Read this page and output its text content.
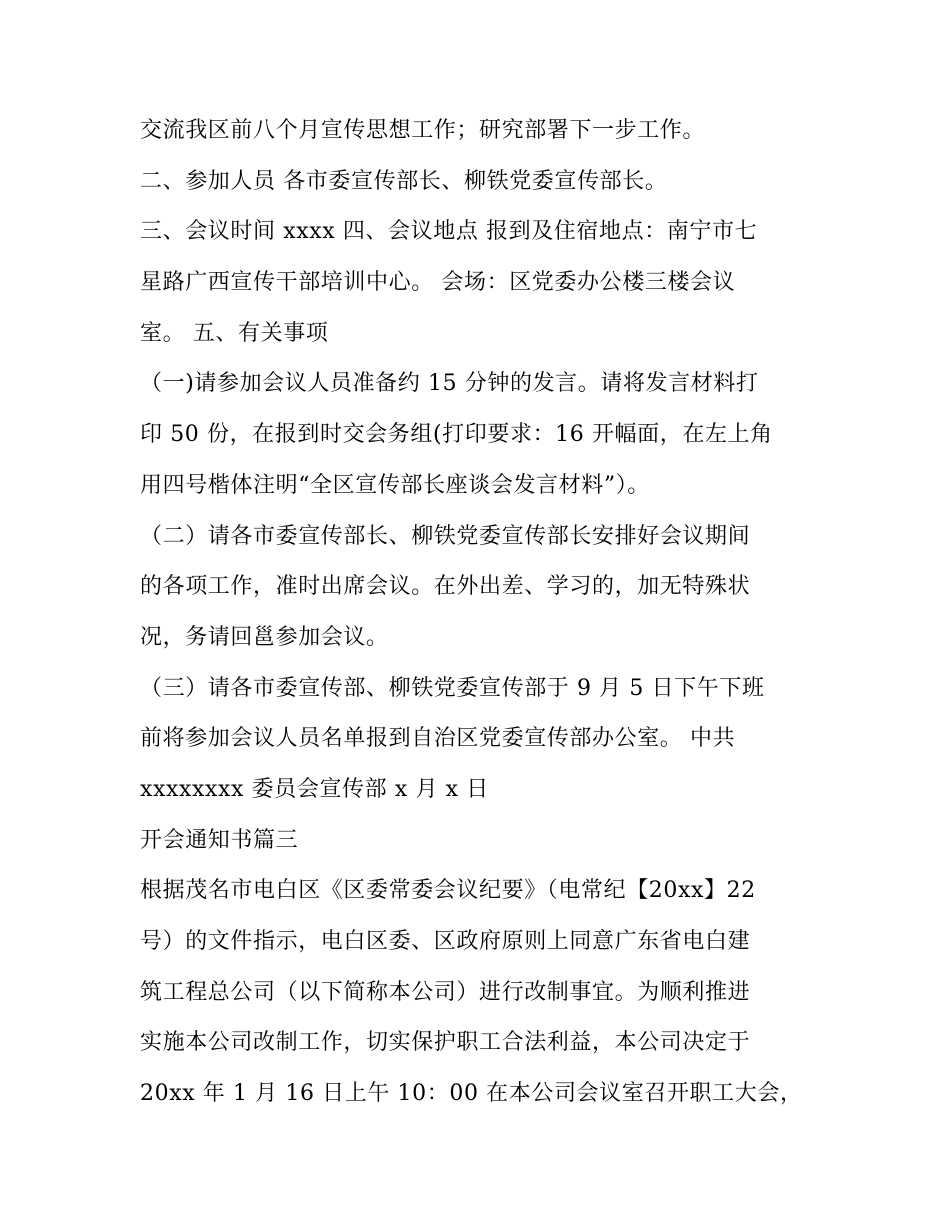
交流我区前八个月宣传思想工作；研究部署下一步工作。
二、参加人员 各市委宣传部长、柳铁党委宣传部长。
三、会议时间 xxxx 四、会议地点 报到及住宿地点：南宁市七
星路广西宣传干部培训中心。 会场：区党委办公楼三楼会议
室。 五、有关事项
（一)请参加会议人员准备约 15 分钟的发言。请将发言材料打
印 50 份，在报到时交会务组(打印要求：16 开幅面，在左上角
用四号楷体注明“全区宣传部长座谈会发言材料”）。
（二）请各市委宣传部长、柳铁党委宣传部长安排好会议期间
的各项工作，准时出席会议。在外出差、学习的，加无特殊状
况，务请回邕参加会议。
（三）请各市委宣传部、柳铁党委宣传部于 9 月 5 日下午下班
前将参加会议人员名单报到自治区党委宣传部办公室。 中共
xxxxxxxx 委员会宣传部 x 月 x 日
开会通知书篇三
根据茂名市电白区《区委常委会议纪要》（电常纪【20xx】22
号）的文件指示，电白区委、区政府原则上同意广东省电白建
筑工程总公司（以下简称本公司）进行改制事宜。为顺利推进
实施本公司改制工作，切实保护职工合法利益，本公司决定于
20xx 年 1 月 16 日上午 10：00 在本公司会议室召开职工大会，
